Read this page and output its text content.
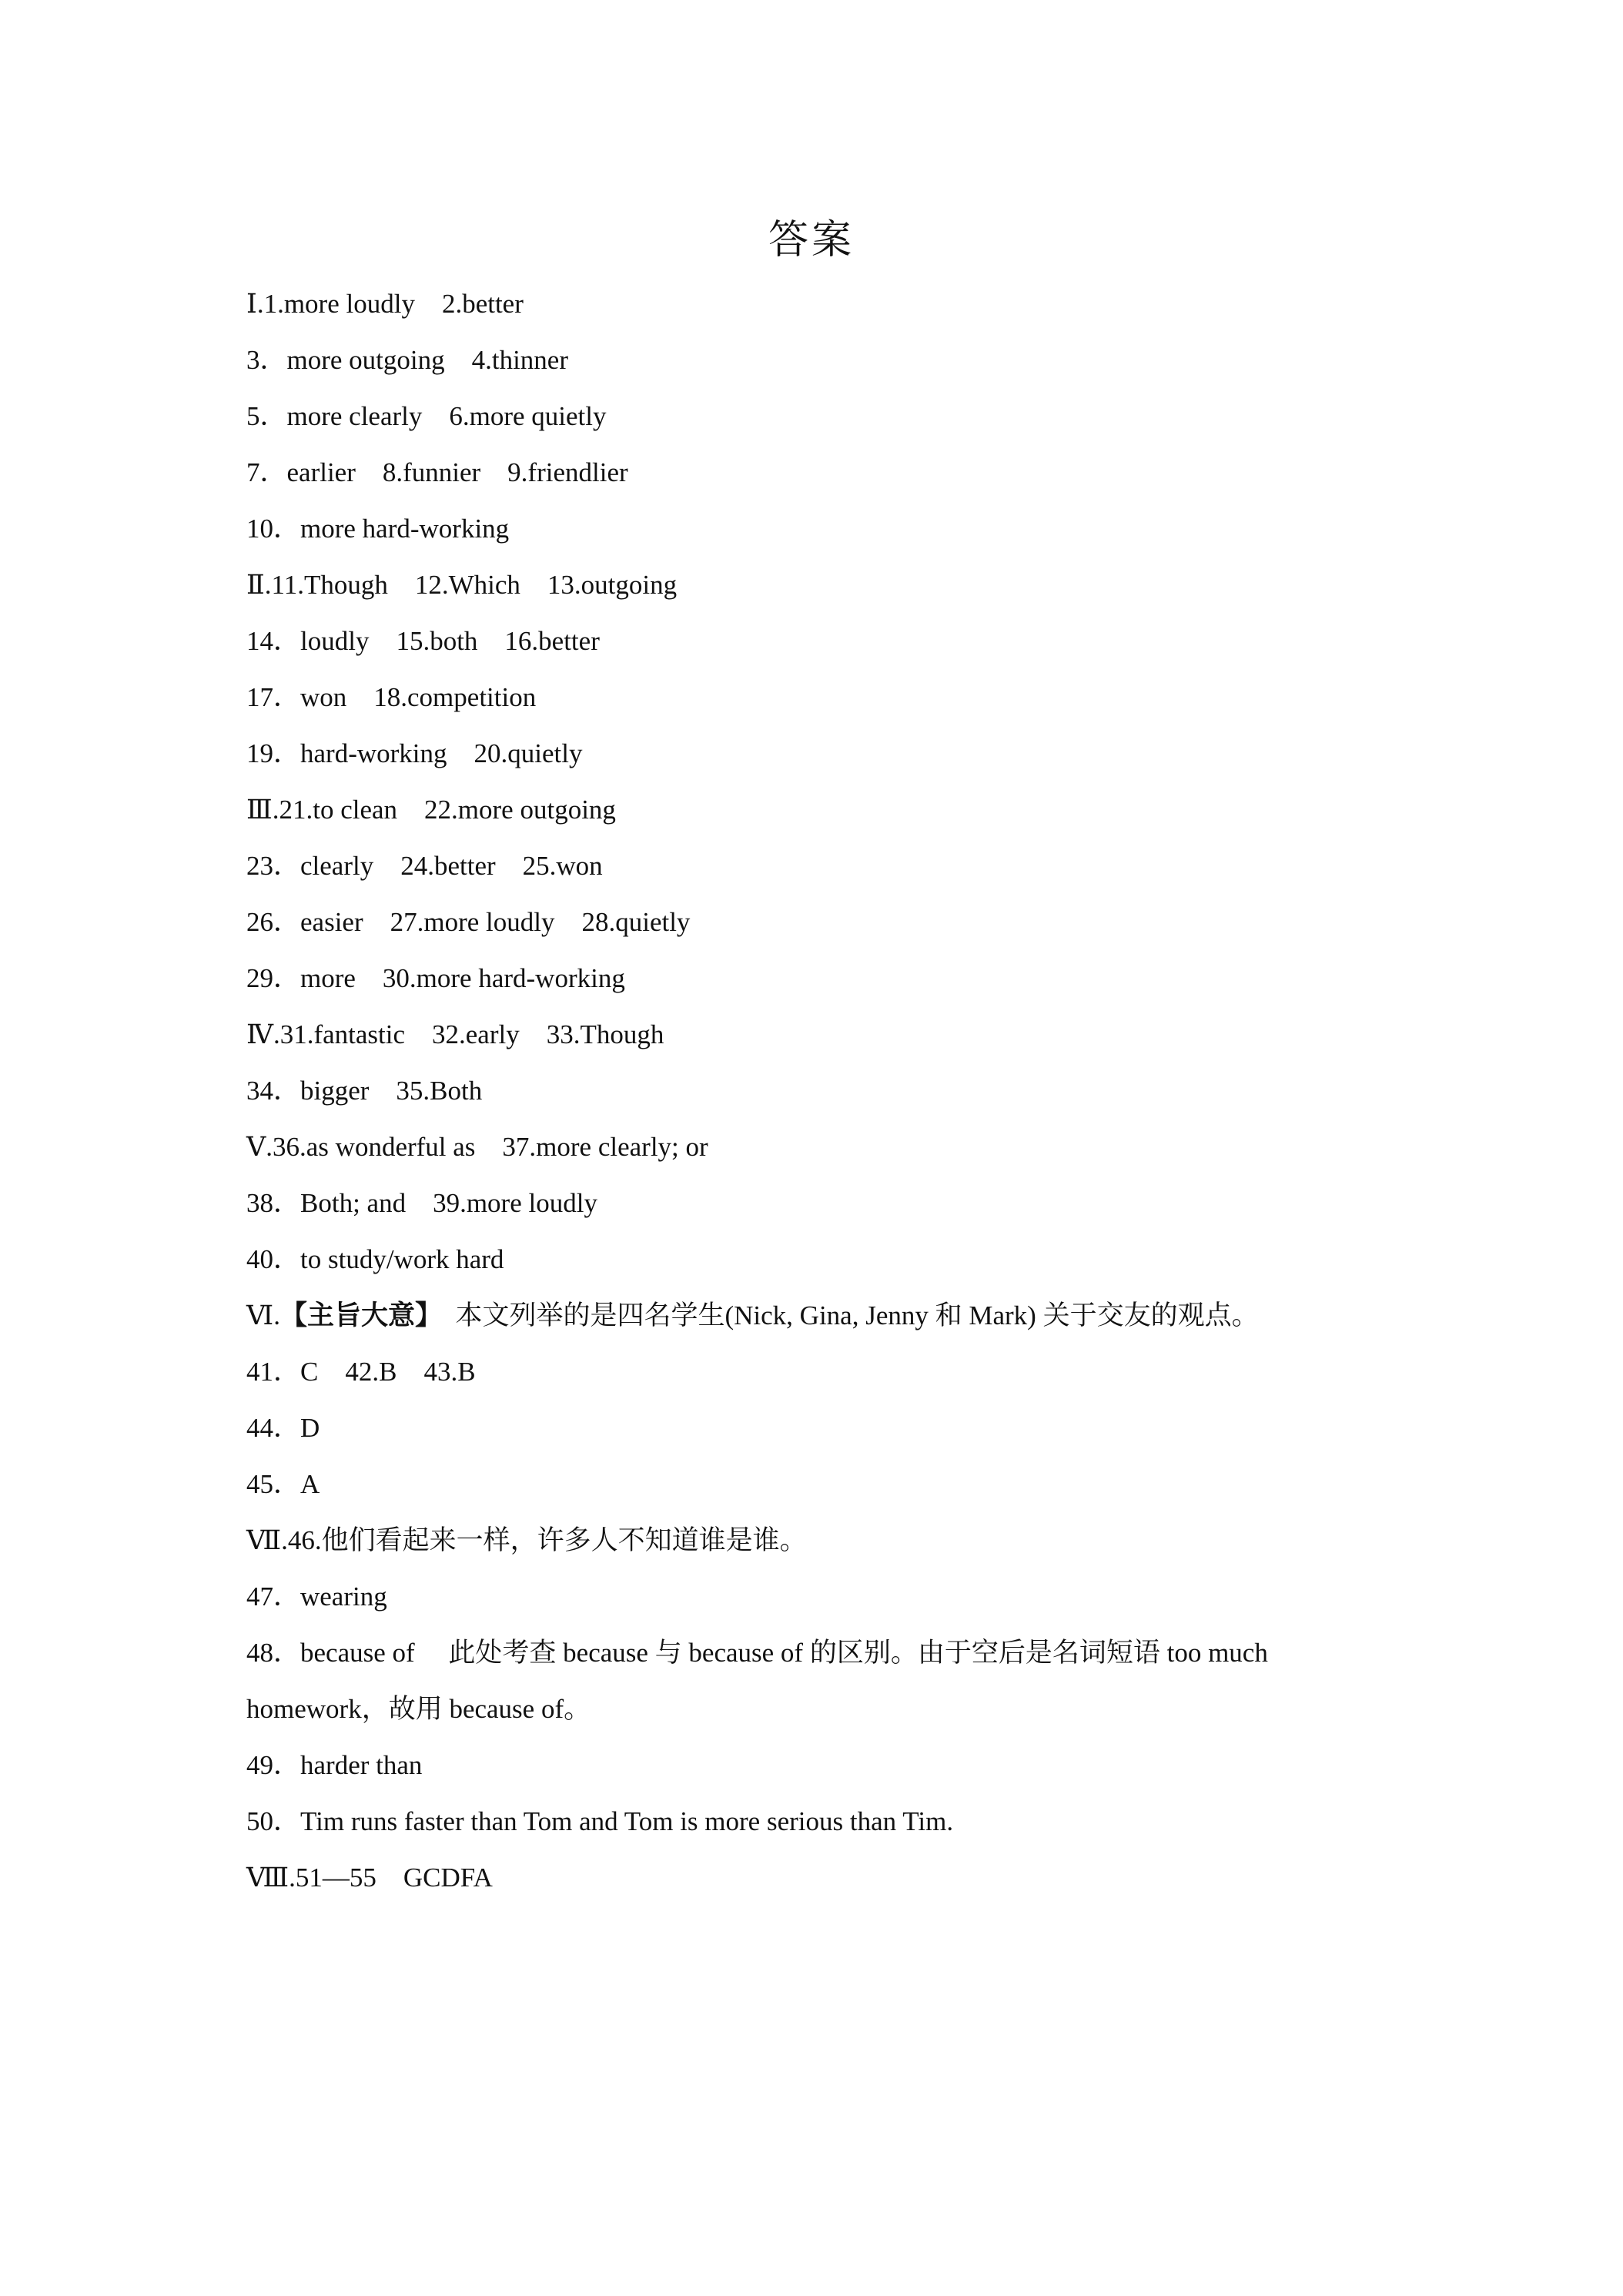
答案
Ⅰ.1.more loudly　2.better
3．more outgoing　4.thinner
5．more clearly　6.more quietly
7．earlier　8.funnier　9.friendlier
10．more hard-working
Ⅱ.11.Though　12.Which　13.outgoing
14．loudly　15.both　16.better
17．won　18.competition
19．hard-working　20.quietly
Ⅲ.21.to clean　22.more outgoing
23．clearly　24.better　25.won
26．easier　27.more loudly　28.quietly
29．more　30.more hard-working
Ⅳ.31.fantastic　32.early　33.Though
34．bigger　35.Both
Ⅴ.36.as wonderful as　37.more clearly; or
38．Both; and　39.more loudly
40．to study/work hard
Ⅵ.【主旨大意】　本文列举的是四名学生(Nick, Gina, Jenny 和 Mark) 关于交友的观点。
41．C　42.B　43.B
44．D
45．A
Ⅶ.46.他们看起来一样，许多人不知道谁是谁。
47．wearing
48．because of　 此处考查 because 与 because of 的区别。由于空后是名词短语 too much homework，故用 because of。
49．harder than
50．Tim runs faster than Tom and Tom is more serious than Tim.
Ⅷ.51—55　GCDFA
